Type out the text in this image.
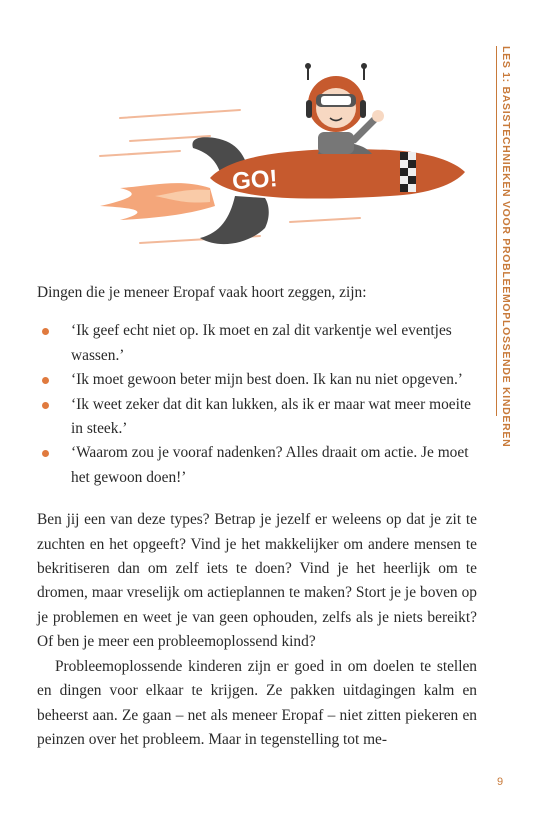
GO!	LES 1: BASISTECHNIEKEN VOOR PROBLEEMOPLOSSENDE KINDEREN

Dingen die je meneer Eropaf vaak hoort zeggen, zijn:

‘Ik geef echt niet op. Ik moet en zal dit varkentje wel eventjes wassen.’
‘Ik moet gewoon beter mijn best doen. Ik kan nu niet opgeven.’
‘Ik weet zeker dat dit kan lukken, als ik er maar wat meer moeite in steek.’
‘Waarom zou je vooraf nadenken? Alles draait om actie. Je moet het gewoon doen!’

Ben jij een van deze types? Betrap je jezelf er weleens op dat je zit te zuchten en het opgeeft? Vind je het makkelijker om andere mensen te bekritiseren dan om zelf iets te doen? Vind je het heerlijk om te dromen, maar vreselijk om actieplannen te maken? Stort je je boven op je problemen en weet je van geen ophouden, zelfs als je niets bereikt? Of ben je meer een probleemoplossend kind?

Probleemoplossende kinderen zijn er goed in om doelen te stellen en dingen voor elkaar te krijgen. Ze pakken uitdagingen kalm en beheerst aan. Ze gaan – net als meneer Eropaf – niet zitten piekeren en peinzen over het probleem. Maar in tegenstelling tot me-

9
